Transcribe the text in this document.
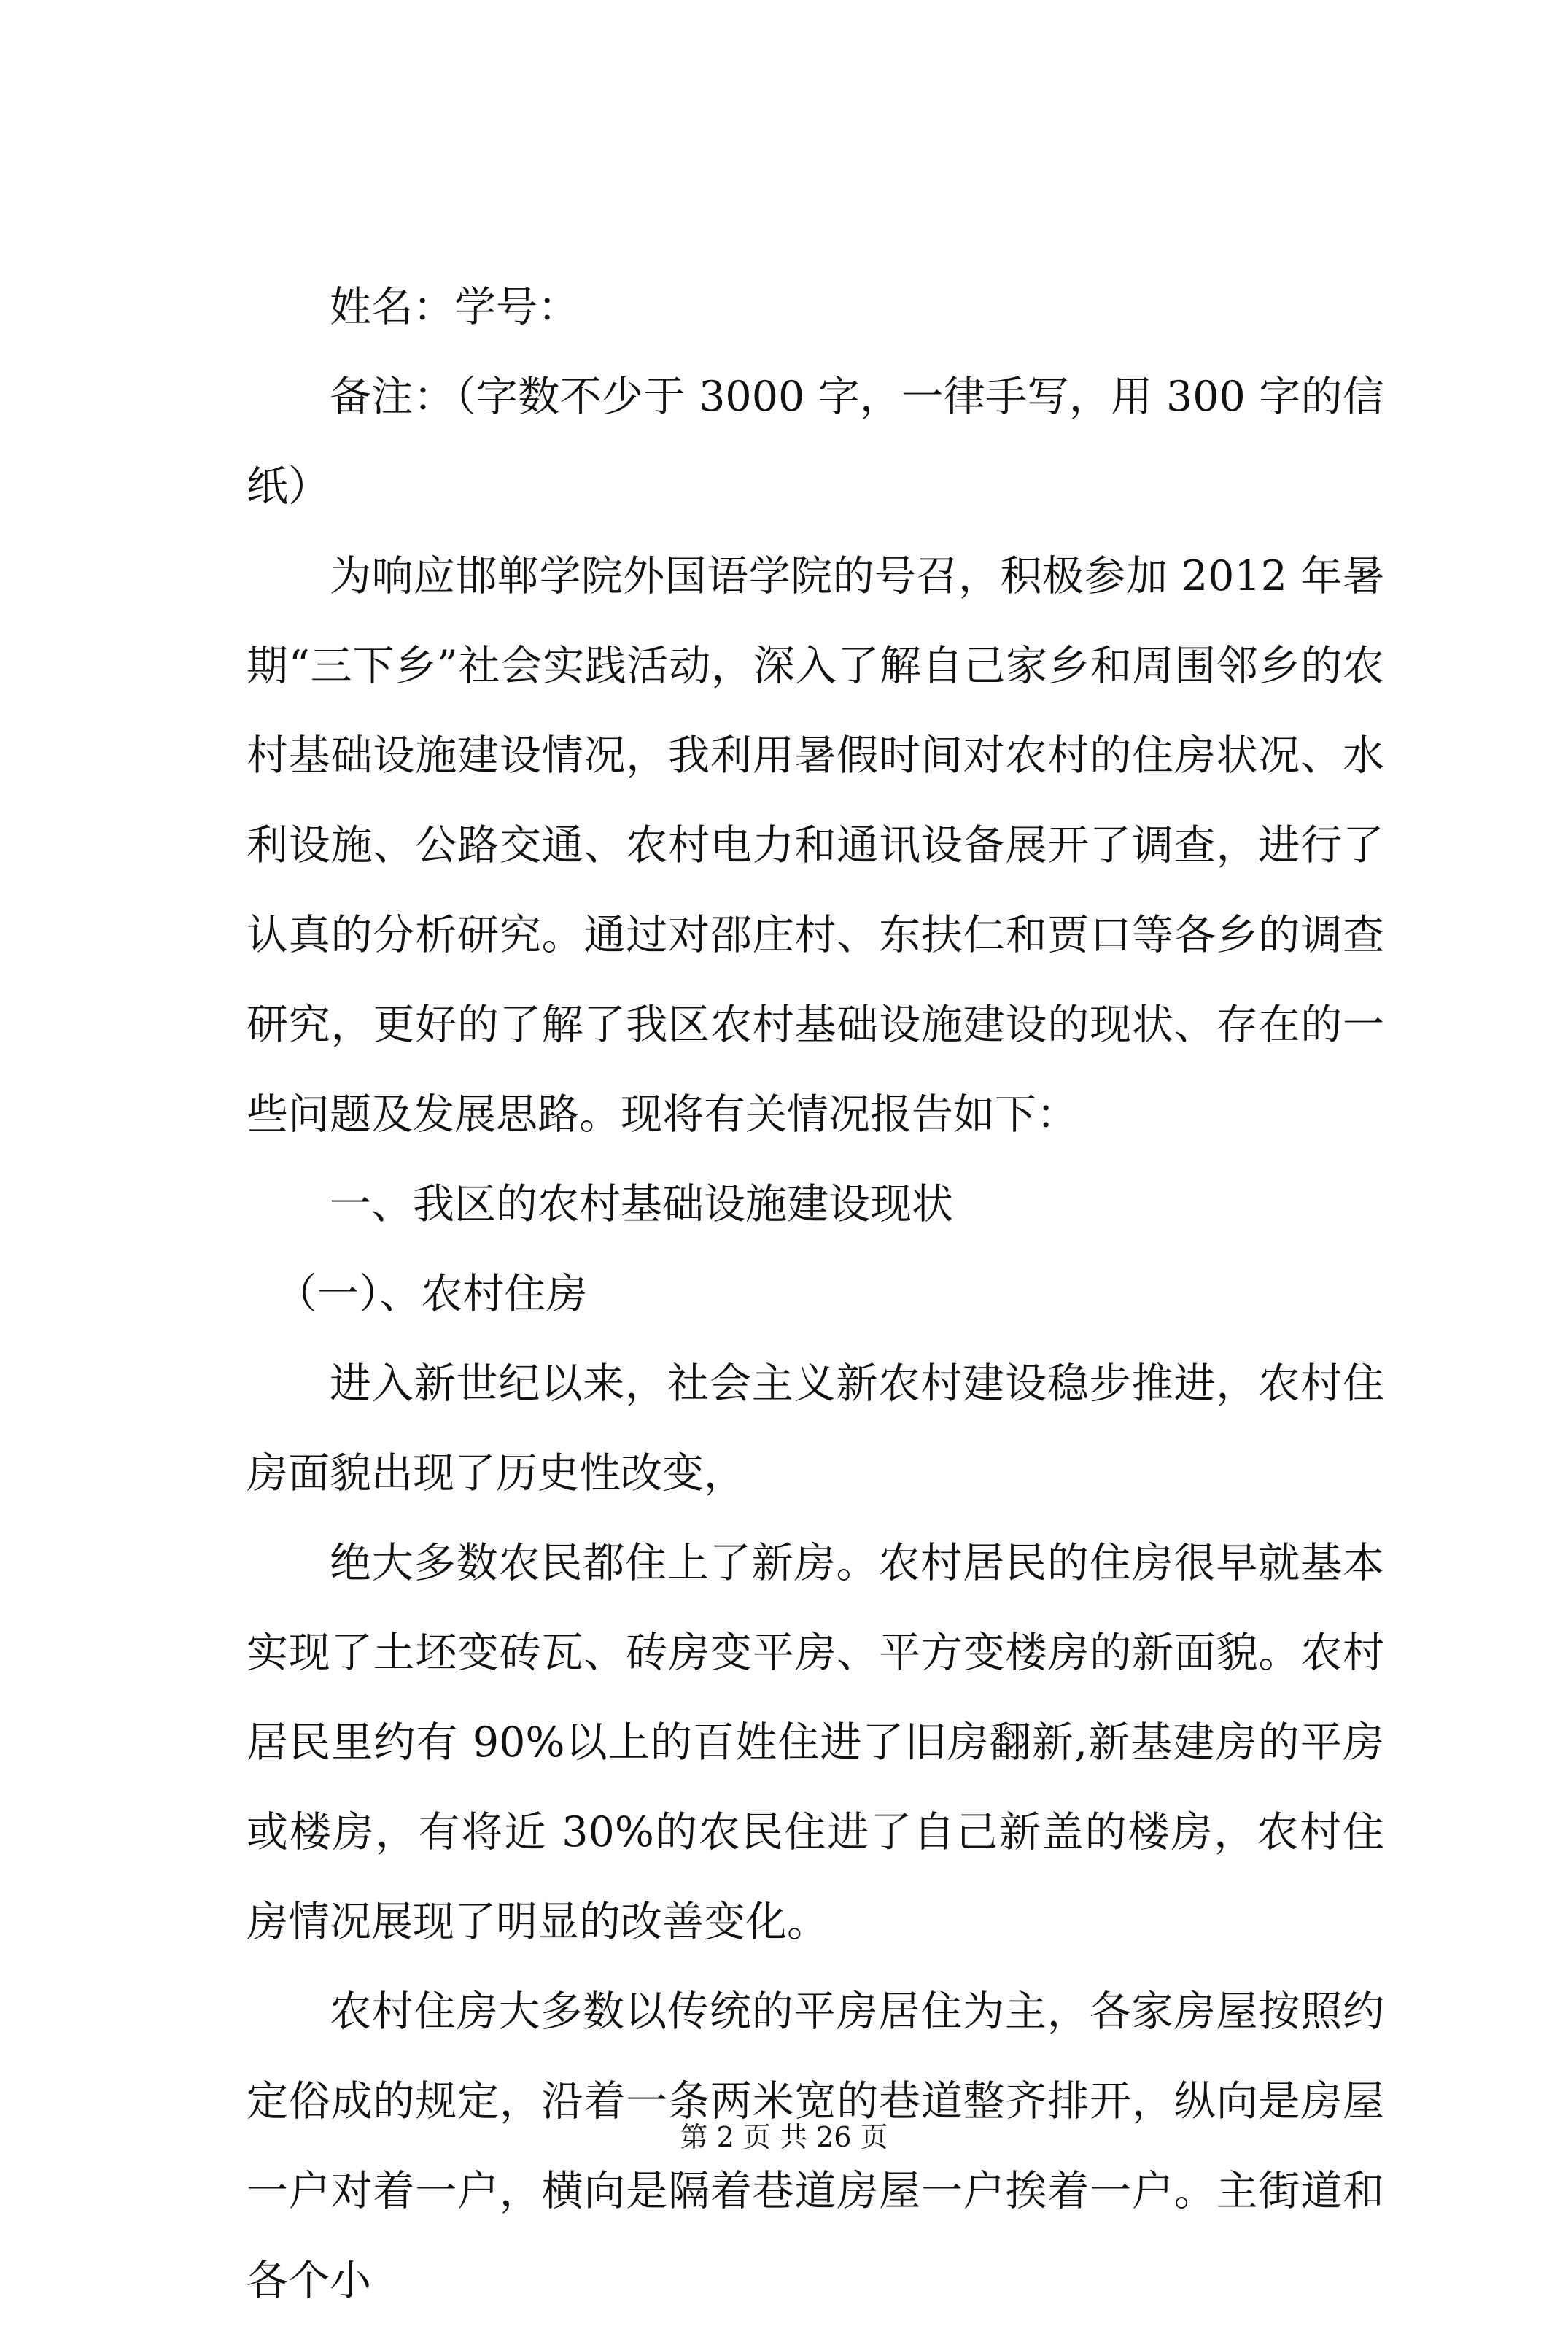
姓名：学号：

备注：（字数不少于 3000 字，一律手写，用 300 字的信纸）

为响应邯郸学院外国语学院的号召，积极参加 2012 年暑期“三下乡”社会实践活动，深入了解自己家乡和周围邻乡的农村基础设施建设情况，我利用暑假时间对农村的住房状况、水利设施、公路交通、农村电力和通讯设备展开了调查，进行了认真的分析研究。通过对邵庄村、东扶仁和贾口等各乡的调查研究，更好的了解了我区农村基础设施建设的现状、存在的一些问题及发展思路。现将有关情况报告如下：

一、我区的农村基础设施建设现状

（一）、农村住房

进入新世纪以来，社会主义新农村建设稳步推进，农村住房面貌出现了历史性改变，

绝大多数农民都住上了新房。农村居民的住房很早就基本实现了土坯变砖瓦、砖房变平房、平方变楼房的新面貌。农村居民里约有 90%以上的百姓住进了旧房翻新,新基建房的平房或楼房，有将近 30%的农民住进了自己新盖的楼房，农村住房情况展现了明显的改善变化。

农村住房大多数以传统的平房居住为主，各家房屋按照约定俗成的规定，沿着一条两米宽的巷道整齐排开，纵向是房屋一户对着一户，横向是隔着巷道房屋一户挨着一户。主街道和各个小

第 2 页 共 26 页
